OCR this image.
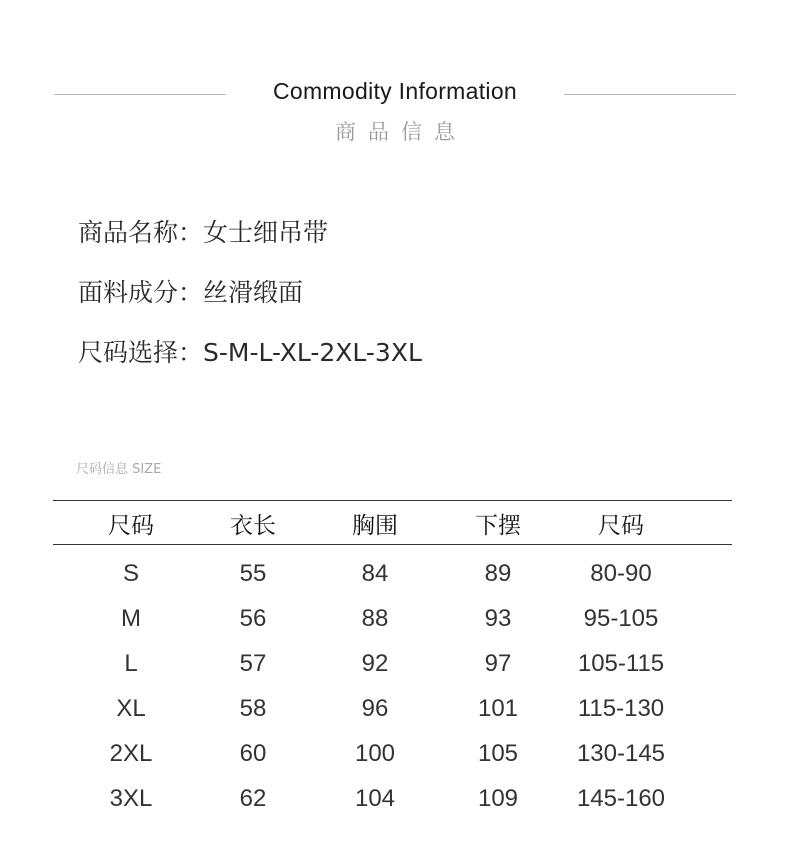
Commodity Information
商品信息
商品名称：女士细吊带
面料成分：丝滑缎面
尺码选择：S-M-L-XL-2XL-3XL
尺码信息 SIZE
尺码	衣长	胸围	下摆	尺码
S	55	84	89	80-90
M	56	88	93	95-105
L	57	92	97	105-115
XL	58	96	101	115-130
2XL	60	100	105	130-145
3XL	62	104	109	145-160
